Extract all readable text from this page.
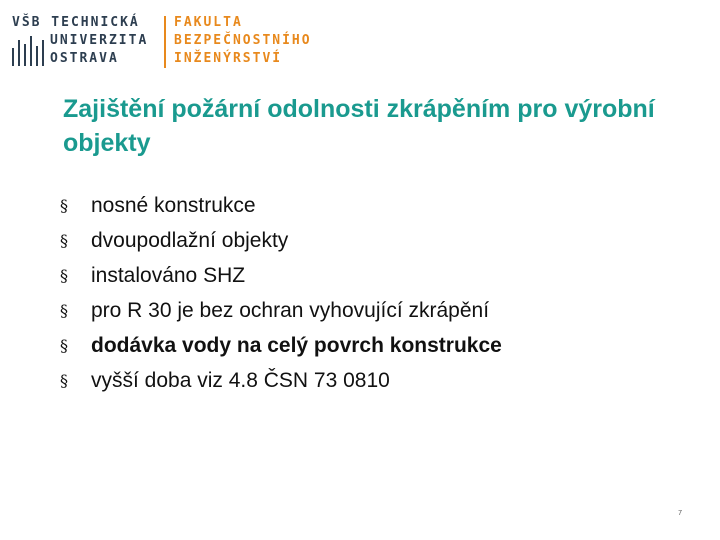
VŠB TECHNICKÁ
UNIVERZITA
OSTRAVA
FAKULTA
BEZPEČNOSTNÍHO
INŽENÝRSTVÍ
Zajištění požární odolnosti zkrápěním pro výrobní objekty
§	nosné konstrukce
§	dvoupodlažní objekty
§	instalováno SHZ
§	pro R 30 je bez ochran vyhovující zkrápění
§	dodávka vody na celý povrch konstrukce
§	vyšší doba viz 4.8 ČSN 73 0810
7
